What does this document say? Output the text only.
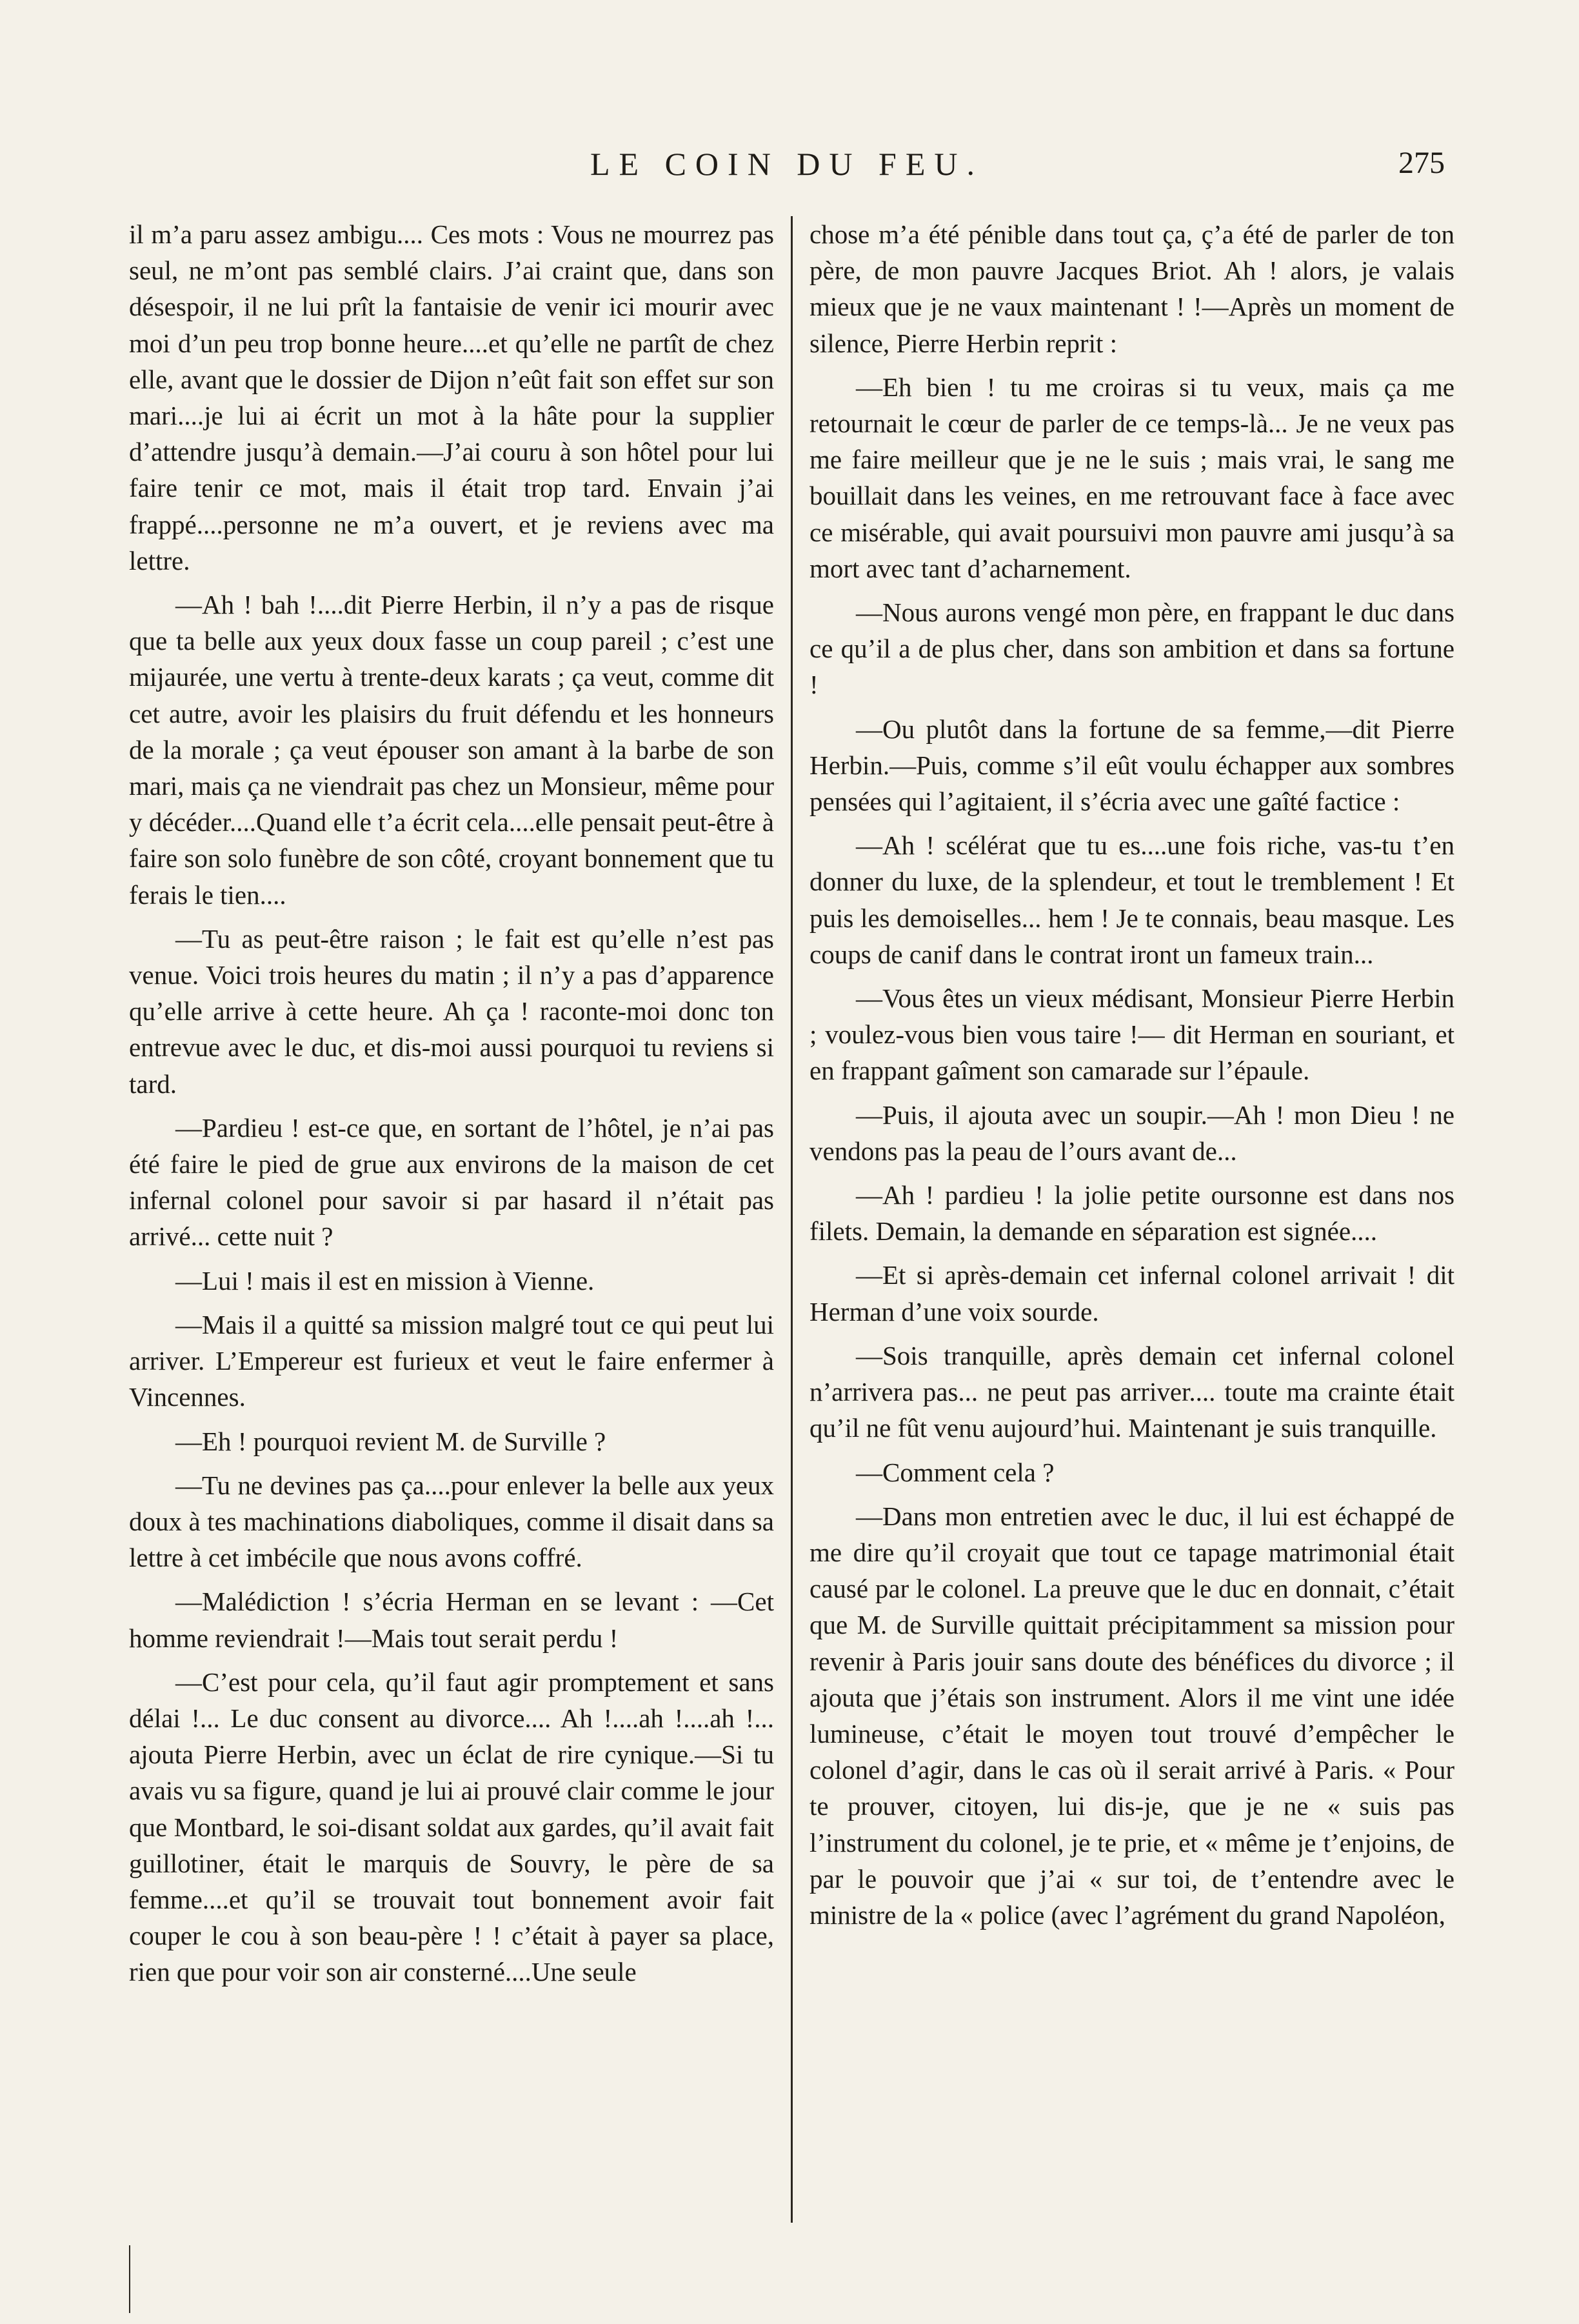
LE COIN DU FEU.	275

il m’a paru assez ambigu.... Ces mots : Vous ne mourrez pas seul, ne m’ont pas semblé clairs. J’ai craint que, dans son désespoir, il ne lui prît la fantaisie de venir ici mourir avec moi d’un peu trop bonne heure....et qu’elle ne partît de chez elle, avant que le dossier de Dijon n’eût fait son effet sur son mari....je lui ai écrit un mot à la hâte pour la supplier d’attendre jusqu’à demain.—J’ai couru à son hôtel pour lui faire tenir ce mot, mais il était trop tard. Envain j’ai frappé....personne ne m’a ouvert, et je reviens avec ma lettre.

—Ah ! bah !....dit Pierre Herbin, il n’y a pas de risque que ta belle aux yeux doux fasse un coup pareil ; c’est une mijaurée, une vertu à trente-deux karats ; ça veut, comme dit cet autre, avoir les plaisirs du fruit défendu et les honneurs de la morale ; ça veut épouser son amant à la barbe de son mari, mais ça ne viendrait pas chez un Monsieur, même pour y décéder....Quand elle t’a écrit cela....elle pensait peut-être à faire son solo funèbre de son côté, croyant bonnement que tu ferais le tien....

—Tu as peut-être raison ; le fait est qu’elle n’est pas venue. Voici trois heures du matin ; il n’y a pas d’apparence qu’elle arrive à cette heure. Ah ça ! raconte-moi donc ton entrevue avec le duc, et dis-moi aussi pourquoi tu reviens si tard.

—Pardieu ! est-ce que, en sortant de l’hôtel, je n’ai pas été faire le pied de grue aux environs de la maison de cet infernal colonel pour savoir si par hasard il n’était pas arrivé... cette nuit ?

—Lui ! mais il est en mission à Vienne.

—Mais il a quitté sa mission malgré tout ce qui peut lui arriver. L’Empereur est furieux et veut le faire enfermer à Vincennes.

—Eh ! pourquoi revient M. de Surville ?

—Tu ne devines pas ça....pour enlever la belle aux yeux doux à tes machinations diaboliques, comme il disait dans sa lettre à cet imbécile que nous avons coffré.

—Malédiction ! s’écria Herman en se levant : —Cet homme reviendrait !—Mais tout serait perdu !

—C’est pour cela, qu’il faut agir promptement et sans délai !... Le duc consent au divorce.... Ah !....ah !....ah !... ajouta Pierre Herbin, avec un éclat de rire cynique.—Si tu avais vu sa figure, quand je lui ai prouvé clair comme le jour que Montbard, le soi-disant soldat aux gardes, qu’il avait fait guillotiner, était le marquis de Souvry, le père de sa femme....et qu’il se trouvait tout bonnement avoir fait couper le cou à son beau-père ! ! c’était à payer sa place, rien que pour voir son air consterné....Une seule

chose m’a été pénible dans tout ça, ç’a été de parler de ton père, de mon pauvre Jacques Briot. Ah ! alors, je valais mieux que je ne vaux maintenant ! !—Après un moment de silence, Pierre Herbin reprit :

—Eh bien ! tu me croiras si tu veux, mais ça me retournait le cœur de parler de ce temps-là... Je ne veux pas me faire meilleur que je ne le suis ; mais vrai, le sang me bouillait dans les veines, en me retrouvant face à face avec ce misérable, qui avait poursuivi mon pauvre ami jusqu’à sa mort avec tant d’acharnement.

—Nous aurons vengé mon père, en frappant le duc dans ce qu’il a de plus cher, dans son ambition et dans sa fortune !

—Ou plutôt dans la fortune de sa femme,—dit Pierre Herbin.—Puis, comme s’il eût voulu échapper aux sombres pensées qui l’agitaient, il s’écria avec une gaîté factice :

—Ah ! scélérat que tu es....une fois riche, vas-tu t’en donner du luxe, de la splendeur, et tout le tremblement ! Et puis les demoiselles... hem ! Je te connais, beau masque. Les coups de canif dans le contrat iront un fameux train...

—Vous êtes un vieux médisant, Monsieur Pierre Herbin ; voulez-vous bien vous taire !— dit Herman en souriant, et en frappant gaîment son camarade sur l’épaule.

—Puis, il ajouta avec un soupir.—Ah ! mon Dieu ! ne vendons pas la peau de l’ours avant de...

—Ah ! pardieu ! la jolie petite oursonne est dans nos filets. Demain, la demande en séparation est signée....

—Et si après-demain cet infernal colonel arrivait ! dit Herman d’une voix sourde.

—Sois tranquille, après demain cet infernal colonel n’arrivera pas... ne peut pas arriver.... toute ma crainte était qu’il ne fût venu aujourd’hui. Maintenant je suis tranquille.

—Comment cela ?

—Dans mon entretien avec le duc, il lui est échappé de me dire qu’il croyait que tout ce tapage matrimonial était causé par le colonel. La preuve que le duc en donnait, c’était que M. de Surville quittait précipitamment sa mission pour revenir à Paris jouir sans doute des bénéfices du divorce ; il ajouta que j’étais son instrument. Alors il me vint une idée lumineuse, c’était le moyen tout trouvé d’empêcher le colonel d’agir, dans le cas où il serait arrivé à Paris. « Pour te prouver, citoyen, lui dis-je, que je ne « suis pas l’instrument du colonel, je te prie, et « même je t’enjoins, de par le pouvoir que j’ai « sur toi, de t’entendre avec le ministre de la « police (avec l’agrément du grand Napoléon,
